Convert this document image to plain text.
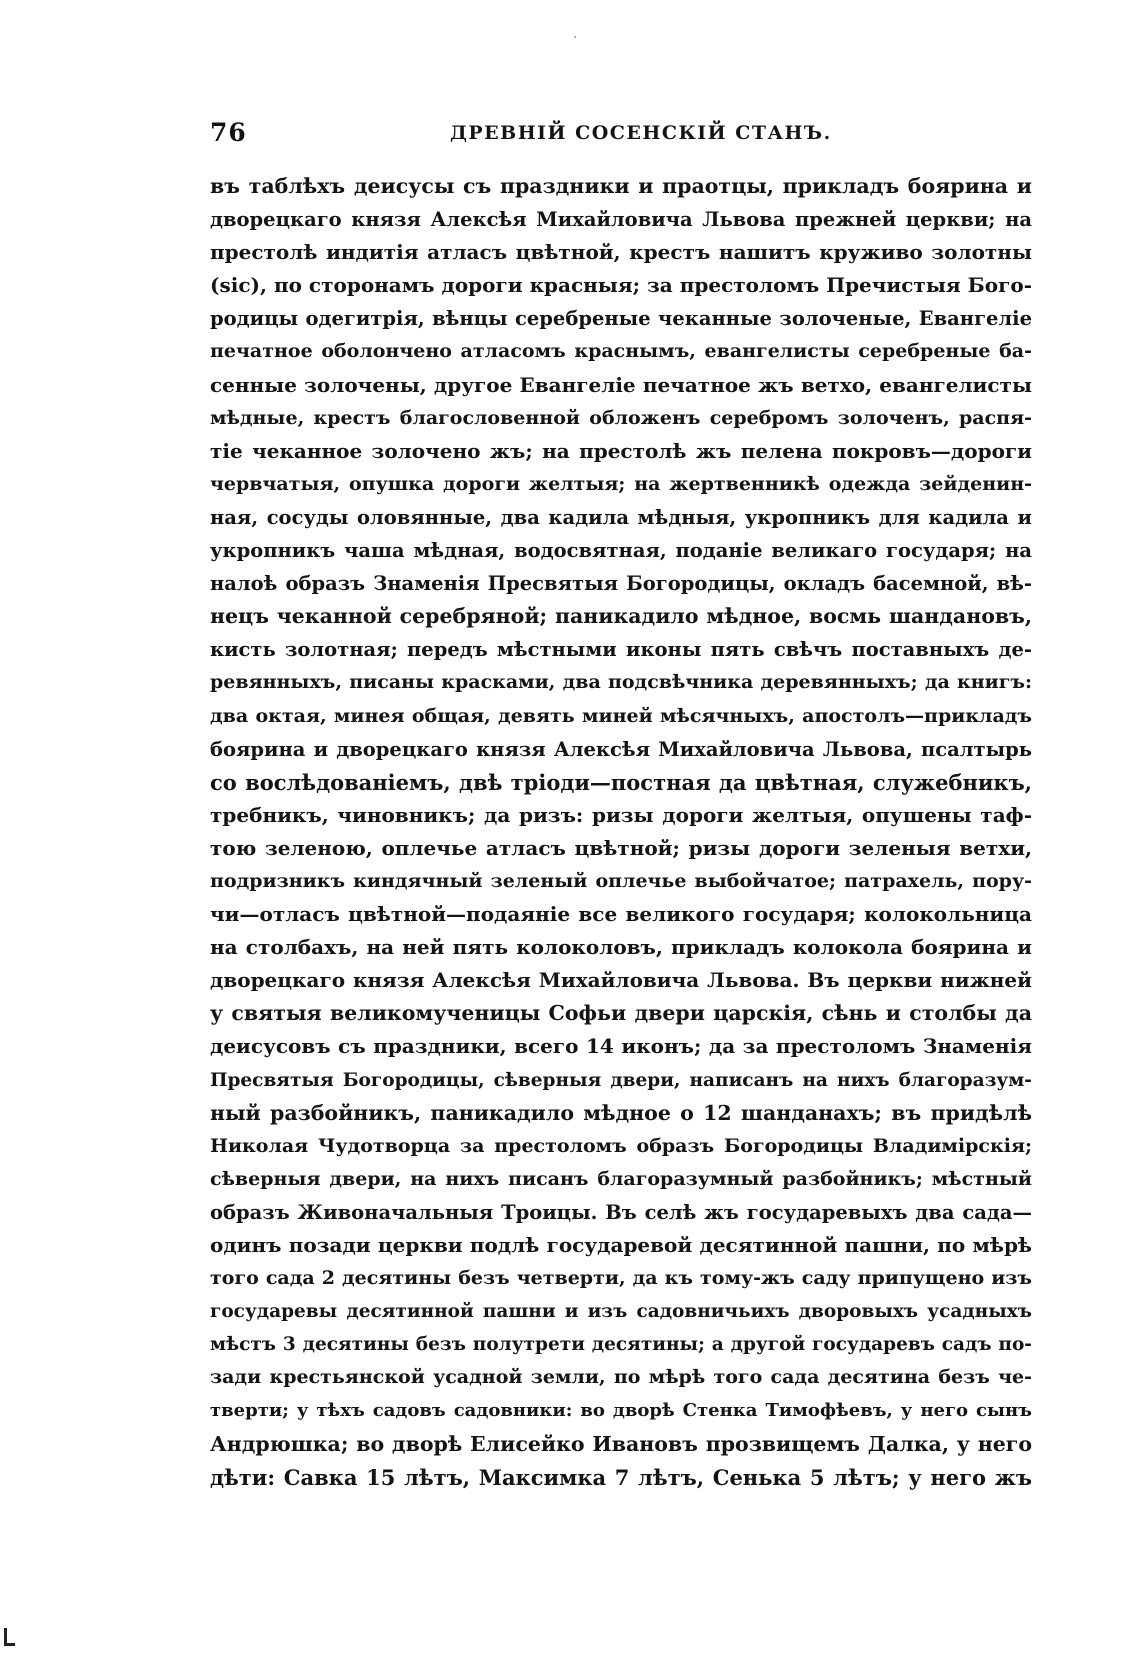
76	ДРЕВНІЙ СОСЕНСКІЙ СТАНЪ.
въ таблѣхъ деисусы съ праздники и праотцы, прикладъ боярина и
дворецкаго князя Алексѣя Михайловича Львова прежней церкви; на
престолѣ индитія атласъ цвѣтной, крестъ нашитъ круживо золотны
(sic), по сторонамъ дороги красныя; за престоломъ Пречистыя Бого-
родицы одегитрія, вѣнцы серебреные чеканные золоченые, Евангеліе
печатное оболончено атласомъ краснымъ, евангелисты серебреные ба-
сенные золочены, другое Евангеліе печатное жъ ветхо, евангелисты
мѣдные, крестъ благословенной обложенъ серебромъ золоченъ, распя-
тіе чеканное золочено жъ; на престолѣ жъ пелена покровъ—дороги
червчатыя, опушка дороги желтыя; на жертвенникѣ одежда зейденин-
ная, сосуды оловянные, два кадила мѣдныя, укропникъ для кадила и
укропникъ чаша мѣдная, водосвятная, поданіе великаго государя; на
налоѣ образъ Знаменія Пресвятыя Богородицы, окладъ басемной, вѣ-
нецъ чеканной серебряной; паникадило мѣдное, восмь шандановъ,
кисть золотная; передъ мѣстными иконы пять свѣчъ поставныхъ де-
ревянныхъ, писаны красками, два подсвѣчника деревянныхъ; да книгъ:
два октая, минея общая, девять миней мѣсячныхъ, апостолъ—прикладъ
боярина и дворецкаго князя Алексѣя Михайловича Львова, псалтырь
со вослѣдованіемъ, двѣ тріоди—постная да цвѣтная, служебникъ,
требникъ, чиновникъ; да ризъ: ризы дороги желтыя, опушены таф-
тою зеленою, оплечье атласъ цвѣтной; ризы дороги зеленыя ветхи,
подризникъ киндячный зеленый оплечье выбойчатое; патрахель, пору-
чи—отласъ цвѣтной—подаяніе все великого государя; колокольница
на столбахъ, на ней пять колоколовъ, прикладъ колокола боярина и
дворецкаго князя Алексѣя Михайловича Львова. Въ церкви нижней
у святыя великомученицы Софьи двери царскія, сѣнь и столбы да
деисусовъ съ праздники, всего 14 иконъ; да за престоломъ Знаменія
Пресвятыя Богородицы, сѣверныя двери, написанъ на нихъ благоразум-
ный разбойникъ, паникадило мѣдное о 12 шанданахъ; въ придѣлѣ
Николая Чудотворца за престоломъ образъ Богородицы Владимірскія;
сѣверныя двери, на нихъ писанъ благоразумный разбойникъ; мѣстный
образъ Живоначальныя Троицы. Въ селѣ жъ государевыхъ два сада—
одинъ позади церкви подлѣ государевой десятинной пашни, по мѣрѣ
того сада 2 десятины безъ четверти, да къ тому-жъ саду припущено изъ
государевы десятинной пашни и изъ садовничьихъ дворовыхъ усадныхъ
мѣстъ 3 десятины безъ полутрети десятины; а другой государевъ садъ по-
зади крестьянской усадной земли, по мѣрѣ того сада десятина безъ че-
тверти; у тѣхъ садовъ садовники: во дворѣ Стенка Тимофѣевъ, у него сынъ
Андрюшка; во дворѣ Елисейко Ивановъ прозвищемъ Далка, у него
дѣти: Савка 15 лѣтъ, Максимка 7 лѣтъ, Сенька 5 лѣтъ; у него жъ
